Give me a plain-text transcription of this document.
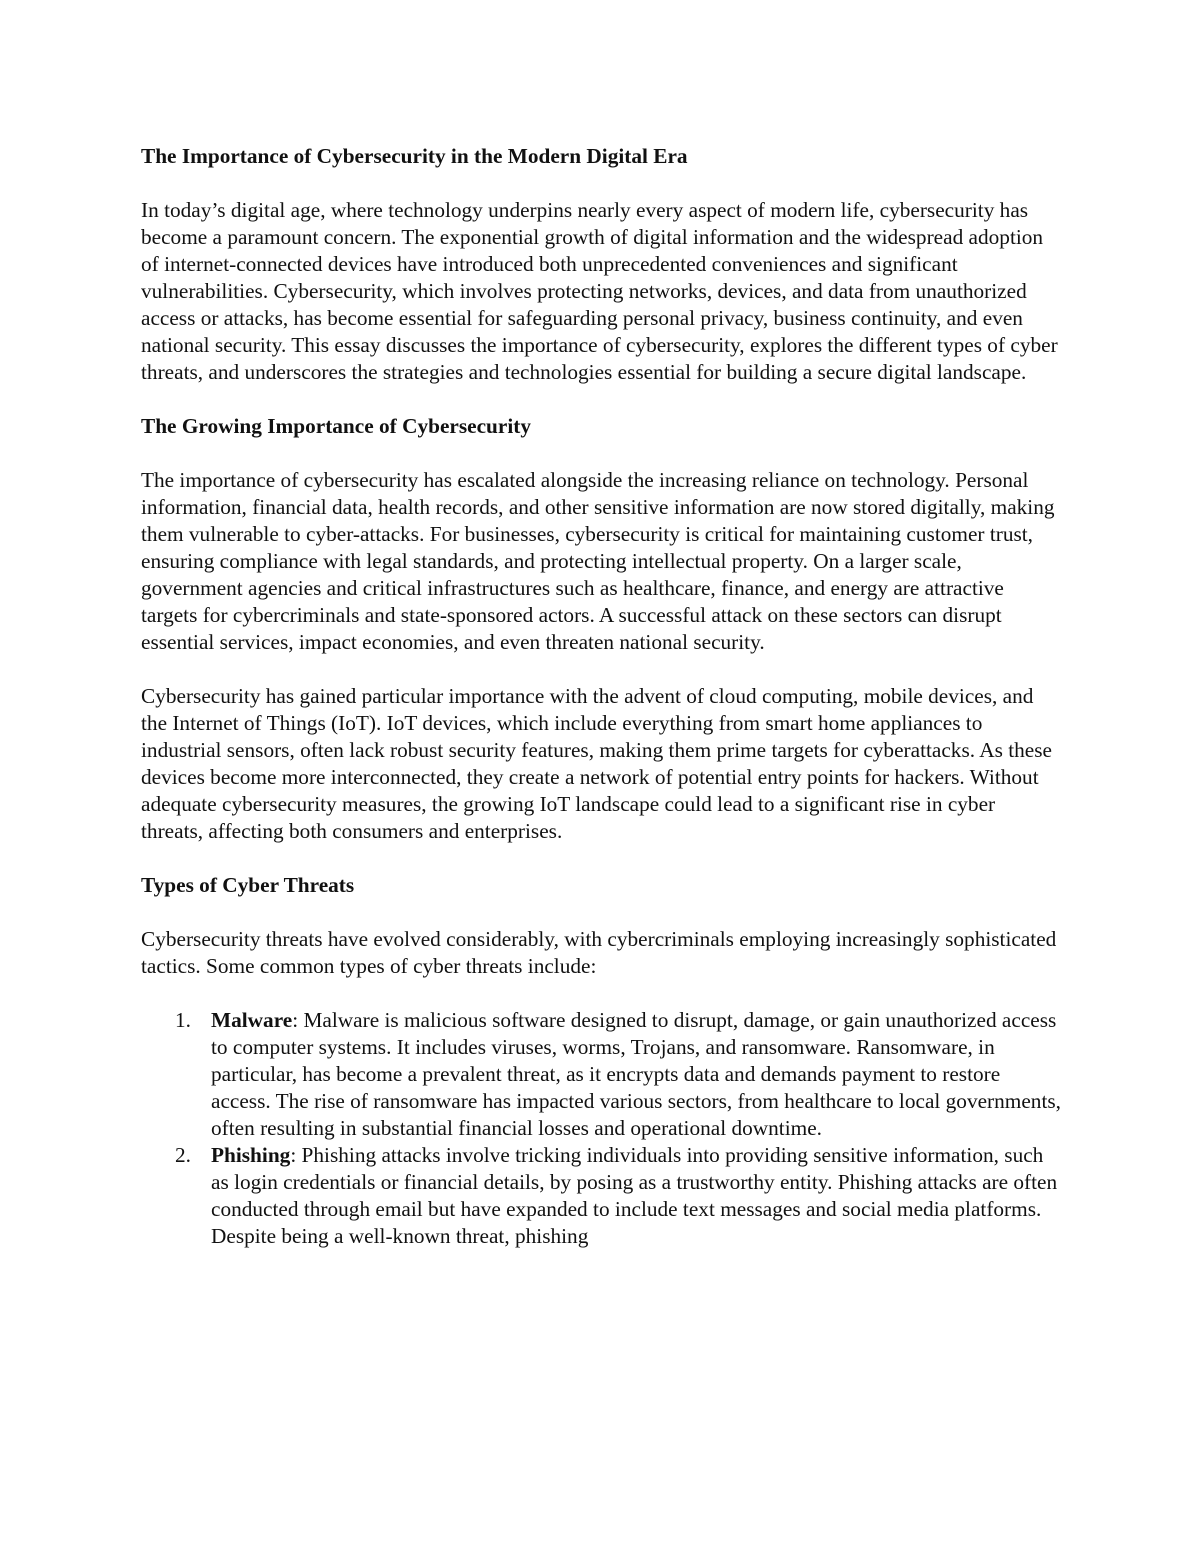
The Importance of Cybersecurity in the Modern Digital Era

In today’s digital age, where technology underpins nearly every aspect of modern life, cybersecurity has become a paramount concern. The exponential growth of digital information and the widespread adoption of internet-connected devices have introduced both unprecedented conveniences and significant vulnerabilities. Cybersecurity, which involves protecting networks, devices, and data from unauthorized access or attacks, has become essential for safeguarding personal privacy, business continuity, and even national security. This essay discusses the importance of cybersecurity, explores the different types of cyber threats, and underscores the strategies and technologies essential for building a secure digital landscape.

The Growing Importance of Cybersecurity

The importance of cybersecurity has escalated alongside the increasing reliance on technology. Personal information, financial data, health records, and other sensitive information are now stored digitally, making them vulnerable to cyber-attacks. For businesses, cybersecurity is critical for maintaining customer trust, ensuring compliance with legal standards, and protecting intellectual property. On a larger scale, government agencies and critical infrastructures such as healthcare, finance, and energy are attractive targets for cybercriminals and state-sponsored actors. A successful attack on these sectors can disrupt essential services, impact economies, and even threaten national security.

Cybersecurity has gained particular importance with the advent of cloud computing, mobile devices, and the Internet of Things (IoT). IoT devices, which include everything from smart home appliances to industrial sensors, often lack robust security features, making them prime targets for cyberattacks. As these devices become more interconnected, they create a network of potential entry points for hackers. Without adequate cybersecurity measures, the growing IoT landscape could lead to a significant rise in cyber threats, affecting both consumers and enterprises.

Types of Cyber Threats

Cybersecurity threats have evolved considerably, with cybercriminals employing increasingly sophisticated tactics. Some common types of cyber threats include:

1. Malware: Malware is malicious software designed to disrupt, damage, or gain unauthorized access to computer systems. It includes viruses, worms, Trojans, and ransomware. Ransomware, in particular, has become a prevalent threat, as it encrypts data and demands payment to restore access. The rise of ransomware has impacted various sectors, from healthcare to local governments, often resulting in substantial financial losses and operational downtime.
2. Phishing: Phishing attacks involve tricking individuals into providing sensitive information, such as login credentials or financial details, by posing as a trustworthy entity. Phishing attacks are often conducted through email but have expanded to include text messages and social media platforms. Despite being a well-known threat, phishing
